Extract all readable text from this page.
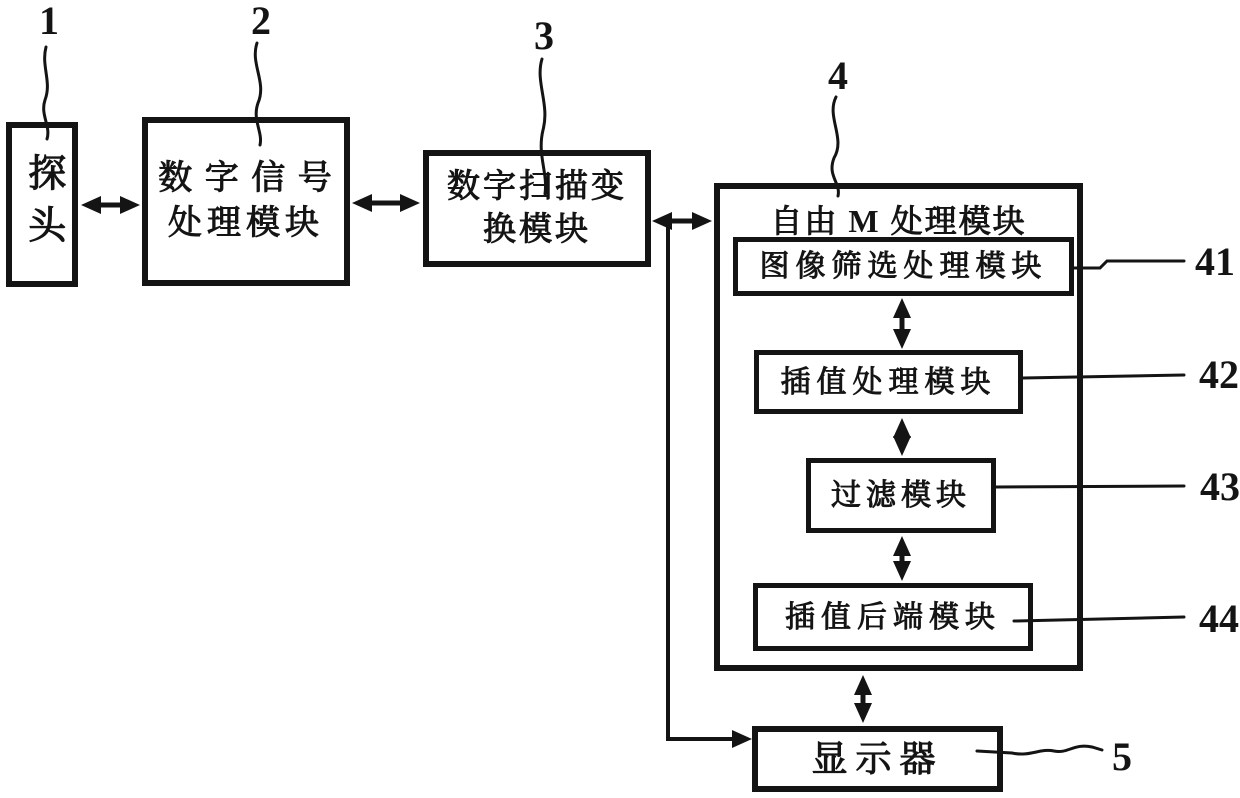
探头	数 字 信 号
处理模块
数字扫描变
换模块	自由 M 处理模块
图像筛选处理模块
插值处理模块
过滤模块
插值后端模块
显示器
1	2	3
4
41
42
43
44
5
